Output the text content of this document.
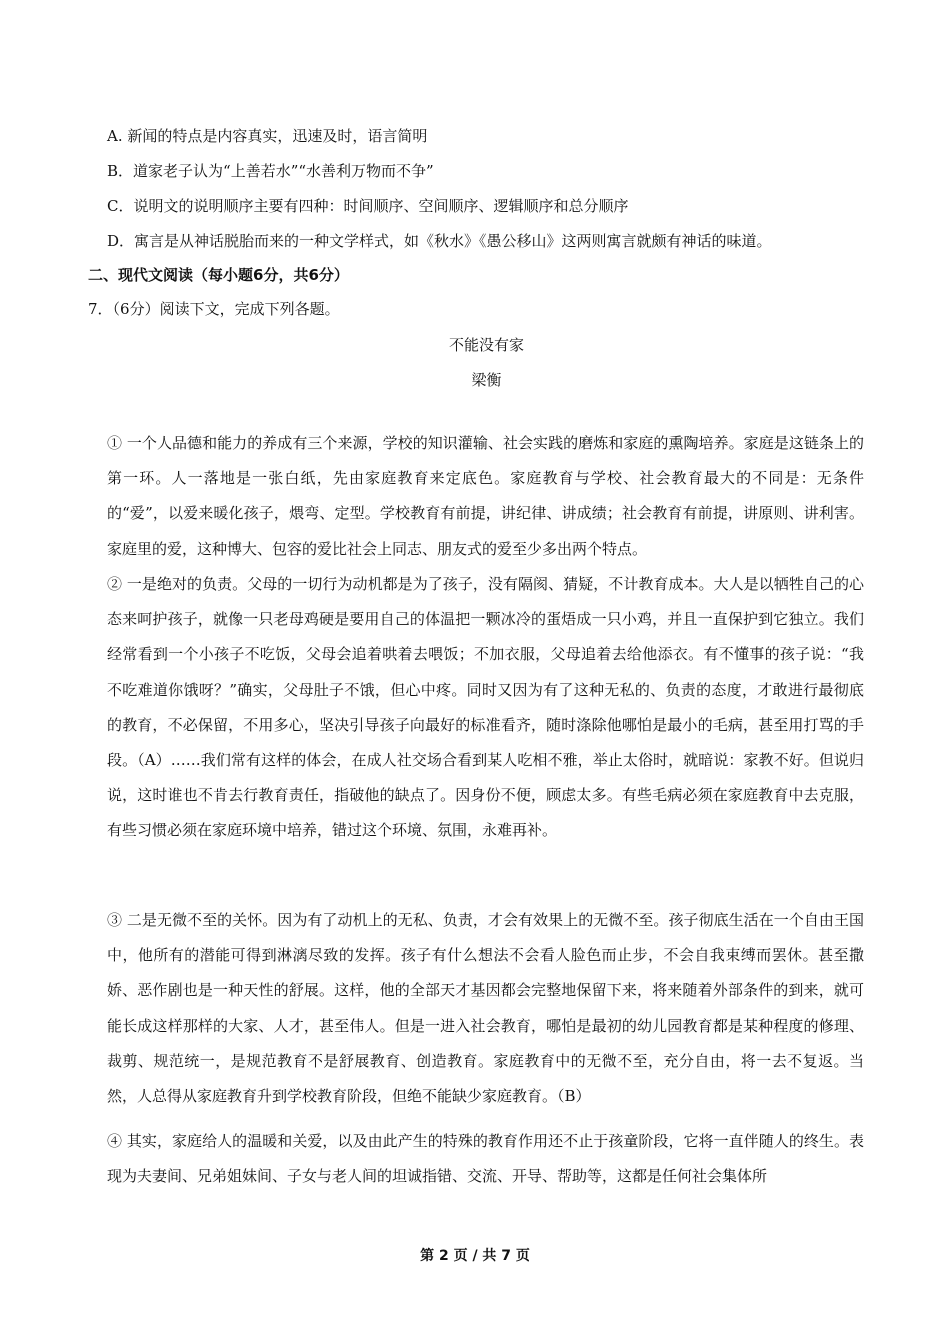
A. 新闻的特点是内容真实，迅速及时，语言简明
B．道家老子认为“上善若水”“水善利万物而不争”
C．说明文的说明顺序主要有四种：时间顺序、空间顺序、逻辑顺序和总分顺序
D．寓言是从神话脱胎而来的一种文学样式，如《秋水》《愚公移山》这两则寓言就颇有神话的味道。
二、现代文阅读（每小题6分，共6分）
7．（6分）阅读下文，完成下列各题。
不能没有家
梁衡
① 一个人品德和能力的养成有三个来源，学校的知识灌输、社会实践的磨炼和家庭的熏陶培养。家庭是这链条上的第一环。人一落地是一张白纸，先由家庭教育来定底色。家庭教育与学校、社会教育最大的不同是：无条件的“爱”，以爱来暖化孩子，煨弯、定型。学校教育有前提，讲纪律、讲成绩；社会教育有前提，讲原则、讲利害。家庭里的爱，这种博大、包容的爱比社会上同志、朋友式的爱至少多出两个特点。
② 一是绝对的负责。父母的一切行为动机都是为了孩子，没有隔阂、猜疑，不计教育成本。大人是以牺牲自己的心态来呵护孩子，就像一只老母鸡硬是要用自己的体温把一颗冰冷的蛋焐成一只小鸡，并且一直保护到它独立。我们经常看到一个小孩子不吃饭，父母会追着哄着去喂饭；不加衣服，父母追着去给他添衣。有不懂事的孩子说：“我不吃难道你饿呀？”确实，父母肚子不饿，但心中疼。同时又因为有了这种无私的、负责的态度，才敢进行最彻底的教育，不必保留，不用多心，坚决引导孩子向最好的标准看齐，随时涤除他哪怕是最小的毛病，甚至用打骂的手段。（A）……我们常有这样的体会，在成人社交场合看到某人吃相不雅，举止太俗时，就暗说：家教不好。但说归说，这时谁也不肯去行教育责任，指破他的缺点了。因身份不便，顾虑太多。有些毛病必须在家庭教育中去克服，有些习惯必须在家庭环境中培养，错过这个环境、氛围，永难再补。
③ 二是无微不至的关怀。因为有了动机上的无私、负责，才会有效果上的无微不至。孩子彻底生活在一个自由王国中，他所有的潜能可得到淋漓尽致的发挥。孩子有什么想法不会看人脸色而止步，不会自我束缚而罢休。甚至撒娇、恶作剧也是一种天性的舒展。这样，他的全部天才基因都会完整地保留下来，将来随着外部条件的到来，就可能长成这样那样的大家、人才，甚至伟人。但是一进入社会教育，哪怕是最初的幼儿园教育都是某种程度的修理、裁剪、规范统一，是规范教育不是舒展教育、创造教育。家庭教育中的无微不至，充分自由，将一去不复返。当然，人总得从家庭教育升到学校教育阶段，但绝不能缺少家庭教育。（B）
④ 其实，家庭给人的温暖和关爱，以及由此产生的特殊的教育作用还不止于孩童阶段，它将一直伴随人的终生。表现为夫妻间、兄弟姐妹间、子女与老人间的坦诚指错、交流、开导、帮助等，这都是任何社会集体所
第 2 页 / 共 7 页
